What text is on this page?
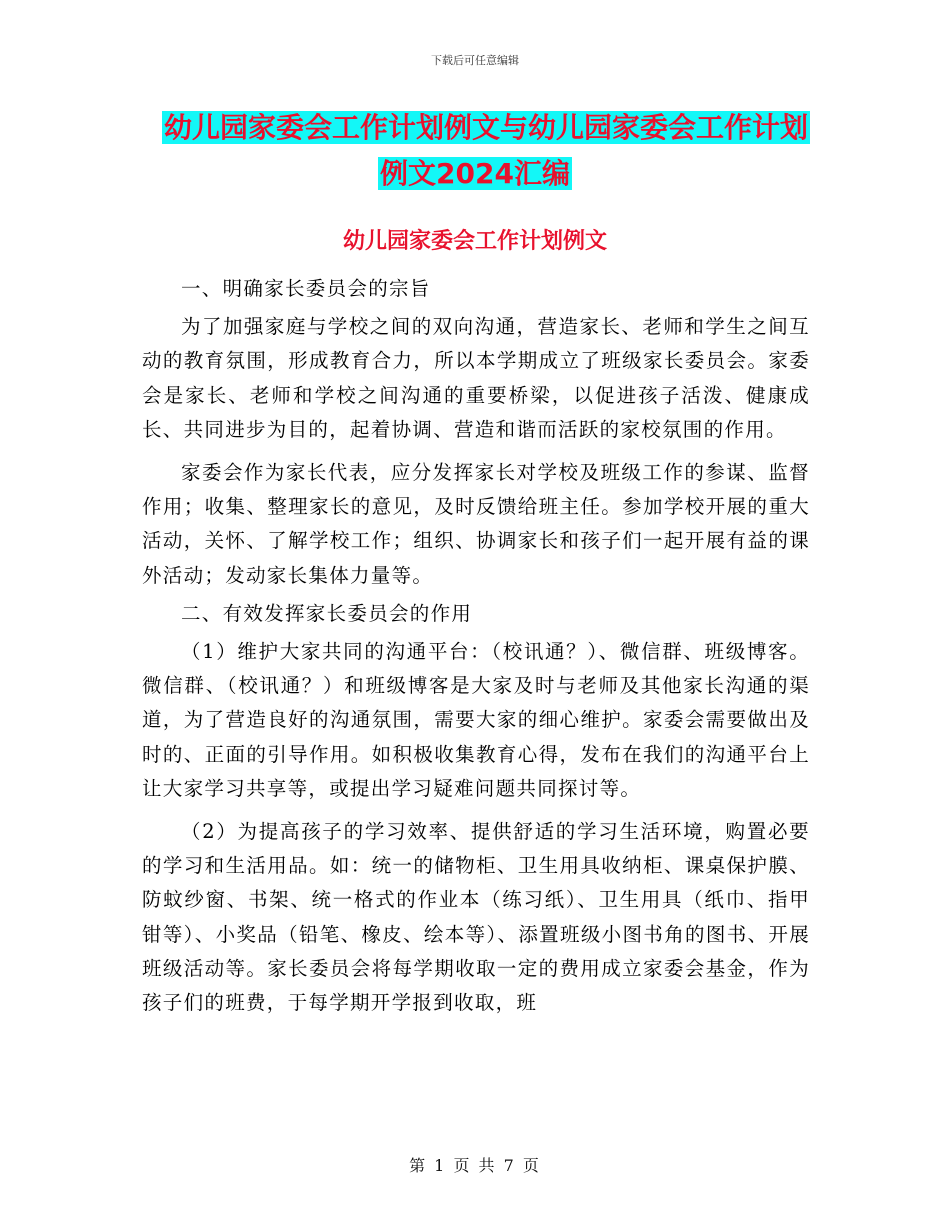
下载后可任意编辑
幼儿园家委会工作计划例文与幼儿园家委会工作计划
例文2024汇编
幼儿园家委会工作计划例文

一、明确家长委员会的宗旨

为了加强家庭与学校之间的双向沟通，营造家长、老师和学生之间互动的教育氛围，形成教育合力，所以本学期成立了班级家长委员会。家委会是家长、老师和学校之间沟通的重要桥梁，以促进孩子活泼、健康成长、共同进步为目的，起着协调、营造和谐而活跃的家校氛围的作用。

家委会作为家长代表，应分发挥家长对学校及班级工作的参谋、监督作用；收集、整理家长的意见，及时反馈给班主任。参加学校开展的重大活动，关怀、了解学校工作；组织、协调家长和孩子们一起开展有益的课外活动；发动家长集体力量等。

二、有效发挥家长委员会的作用

（1）维护大家共同的沟通平台：（校讯通？）、微信群、班级博客。微信群、（校讯通？）和班级博客是大家及时与老师及其他家长沟通的渠道，为了营造良好的沟通氛围，需要大家的细心维护。家委会需要做出及时的、正面的引导作用。如积极收集教育心得，发布在我们的沟通平台上让大家学习共享等，或提出学习疑难问题共同探讨等。

（2）为提高孩子的学习效率、提供舒适的学习生活环境，购置必要的学习和生活用品。如：统一的储物柜、卫生用具收纳柜、课桌保护膜、防蚊纱窗、书架、统一格式的作业本（练习纸）、卫生用具（纸巾、指甲钳等）、小奖品（铅笔、橡皮、绘本等）、添置班级小图书角的图书、开展班级活动等。家长委员会将每学期收取一定的费用成立家委会基金，作为孩子们的班费，于每学期开学报到收取，班

第 1 页 共 7 页
